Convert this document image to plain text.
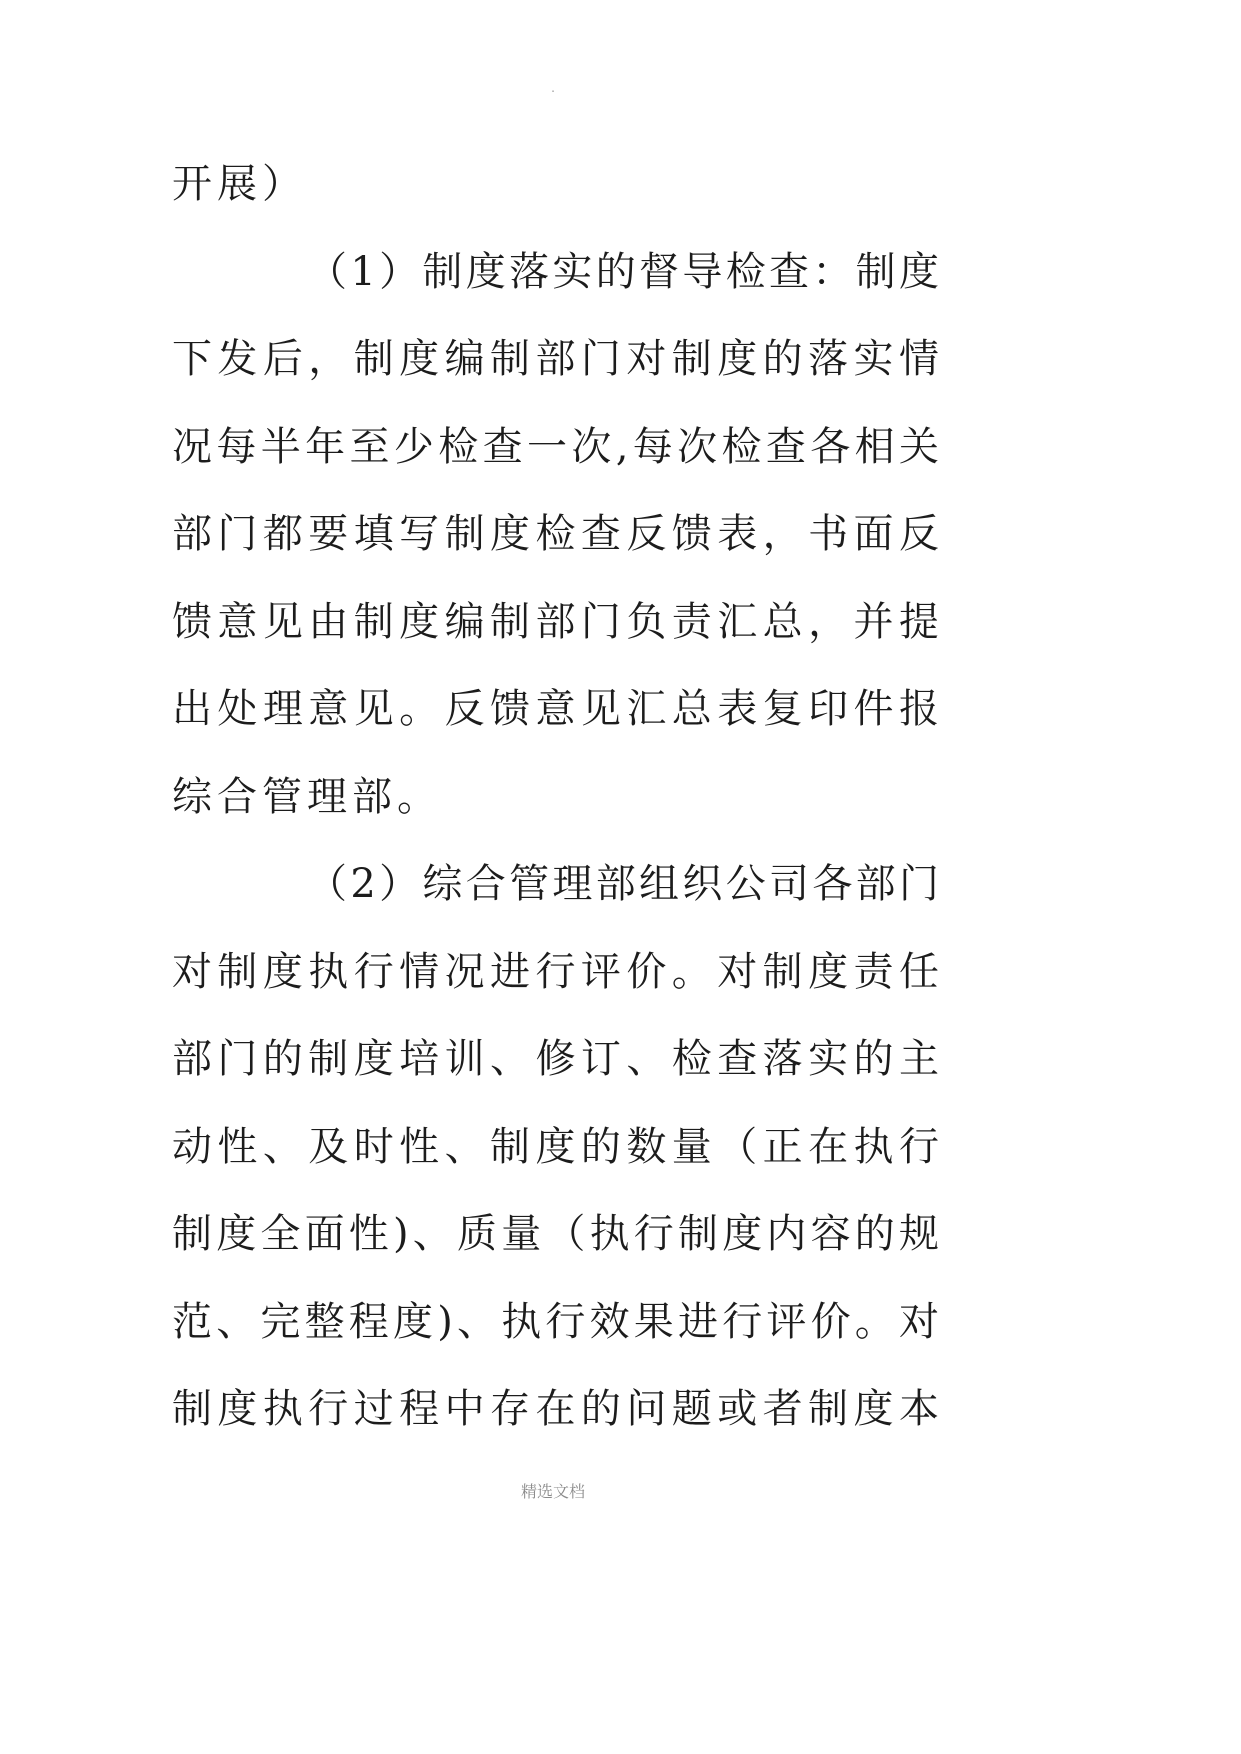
.
开展）
（1）制度落实的督导检查：制度
下发后，制度编制部门对制度的落实情
况每半年至少检查一次,每次检查各相关
部门都要填写制度检查反馈表，书面反
馈意见由制度编制部门负责汇总，并提
出处理意见。反馈意见汇总表复印件报
综合管理部。
（2）综合管理部组织公司各部门
对制度执行情况进行评价。对制度责任
部门的制度培训、修订、检查落实的主
动性、及时性、制度的数量（正在执行
制度全面性)、质量（执行制度内容的规
范、完整程度)、执行效果进行评价。对
制度执行过程中存在的问题或者制度本
精选文档
